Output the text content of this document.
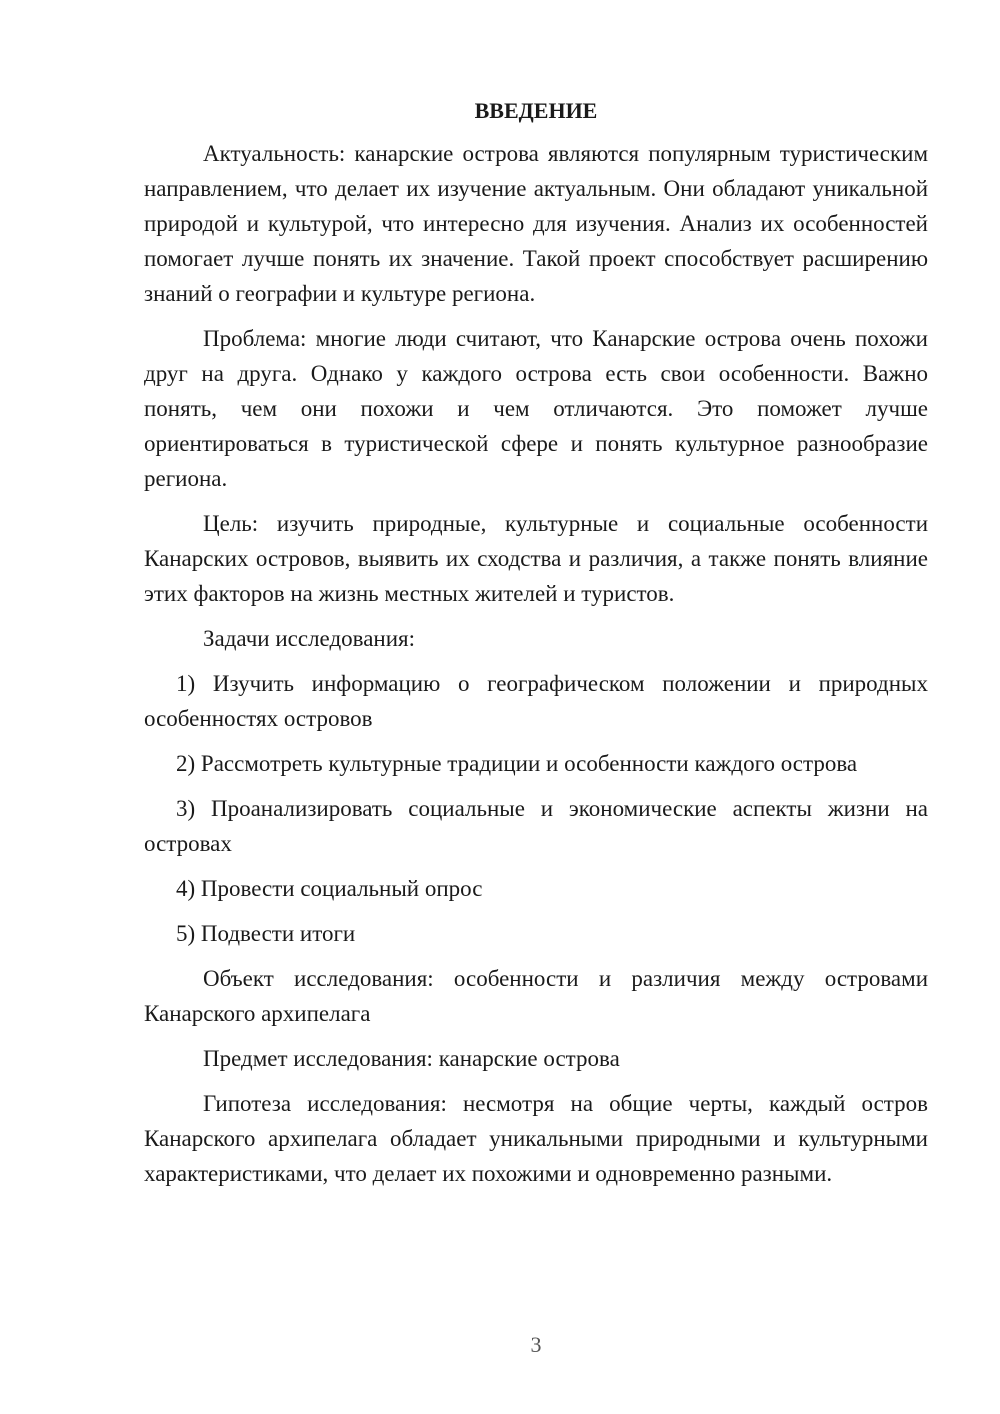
ВВЕДЕНИЕ

Актуальность: канарские острова являются популярным туристическим направлением, что делает их изучение актуальным. Они обладают уникальной природой и культурой, что интересно для изучения. Анализ их особенностей помогает лучше понять их значение. Такой проект способствует расширению знаний о географии и культуре региона.

Проблема: многие люди считают, что Канарские острова очень похожи друг на друга. Однако у каждого острова есть свои особенности. Важно понять, чем они похожи и чем отличаются. Это поможет лучше ориентироваться в туристической сфере и понять культурное разнообразие региона.

Цель: изучить природные, культурные и социальные особенности Канарских островов, выявить их сходства и различия, а также понять влияние этих факторов на жизнь местных жителей и туристов.

Задачи исследования:

1) Изучить информацию о географическом положении и природных особенностях островов

2) Рассмотреть культурные традиции и особенности каждого острова

3) Проанализировать социальные и экономические аспекты жизни на островах

4) Провести социальный опрос

5) Подвести итоги

Объект исследования: особенности и различия между островами Канарского архипелага

Предмет исследования: канарские острова

Гипотеза исследования: несмотря на общие черты, каждый остров Канарского архипелага обладает уникальными природными и культурными характеристиками, что делает их похожими и одновременно разными.

3
